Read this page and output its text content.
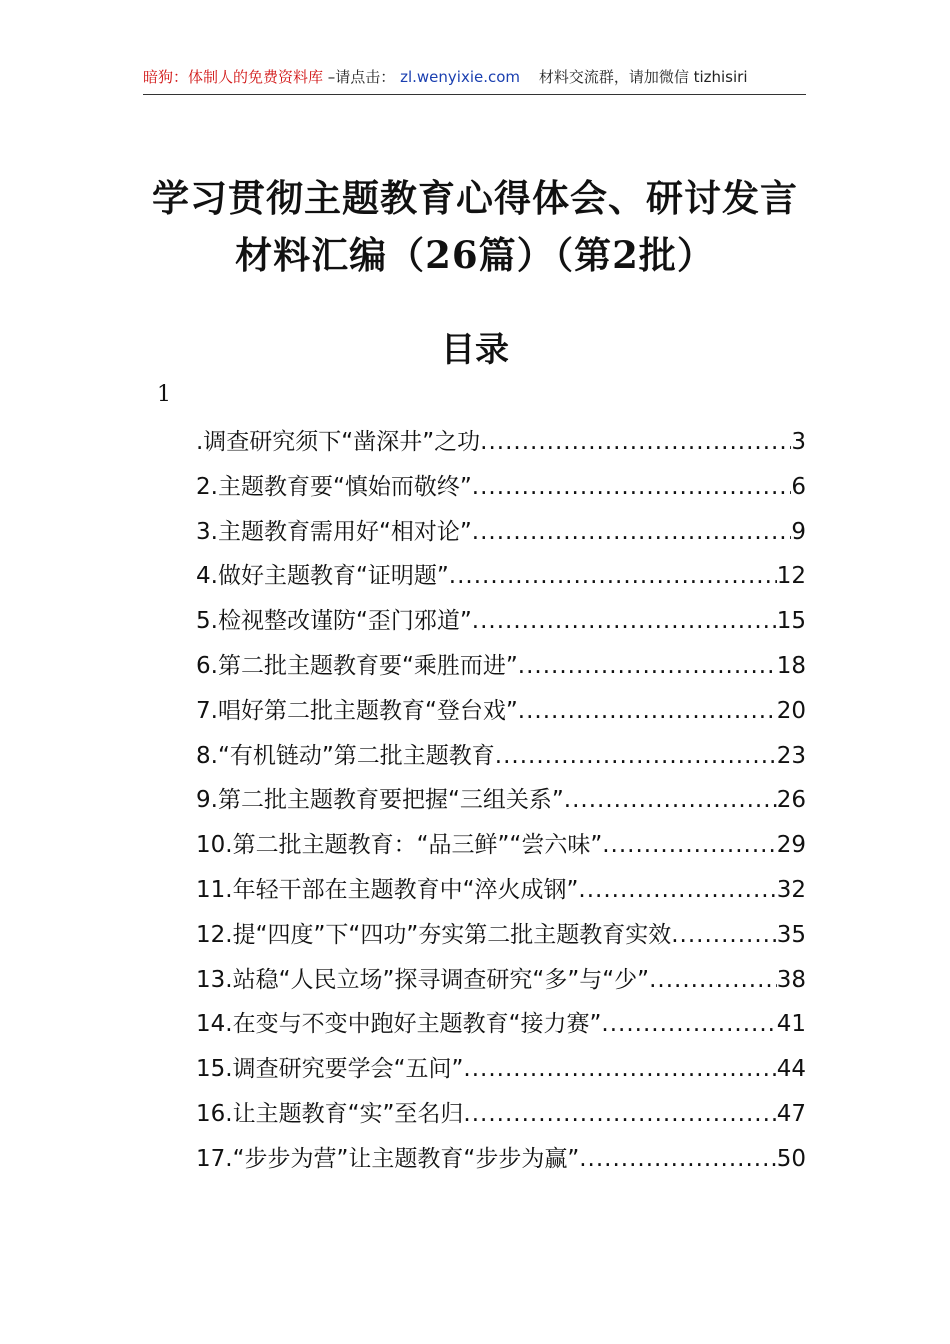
暗狗：体制人的免费资料库 –请点击： zl.wenyixie.com 材料交流群，请加微信 tizhisiri
学习贯彻主题教育心得体会、研讨发言材料汇编（26篇）（第2批）
目录
1
.调查研究须下“凿深井”之功 .....	3
2.主题教育要“慎始而敬终” .....	6
3.主题教育需用好“相对论” .....	9
4.做好主题教育“证明题” .....	12
5.检视整改谨防“歪门邪道” .....	15
6.第二批主题教育要“乘胜而进” .....	18
7.唱好第二批主题教育“登台戏” .....	20
8.“有机链动”第二批主题教育 .....	23
9.第二批主题教育要把握“三组关系” .....	26
10.第二批主题教育：“品三鲜”“尝六味” .....	29
11.年轻干部在主题教育中“淬火成钢” .....	32
12.提“四度”下“四功”夯实第二批主题教育实效 .....	35
13.站稳“人民立场”探寻调查研究“多”与“少” .....	38
14.在变与不变中跑好主题教育“接力赛” .....	41
15.调查研究要学会“五问” .....	44
16.让主题教育“实”至名归 .....	47
17.“步步为营”让主题教育“步步为赢” .....	50
